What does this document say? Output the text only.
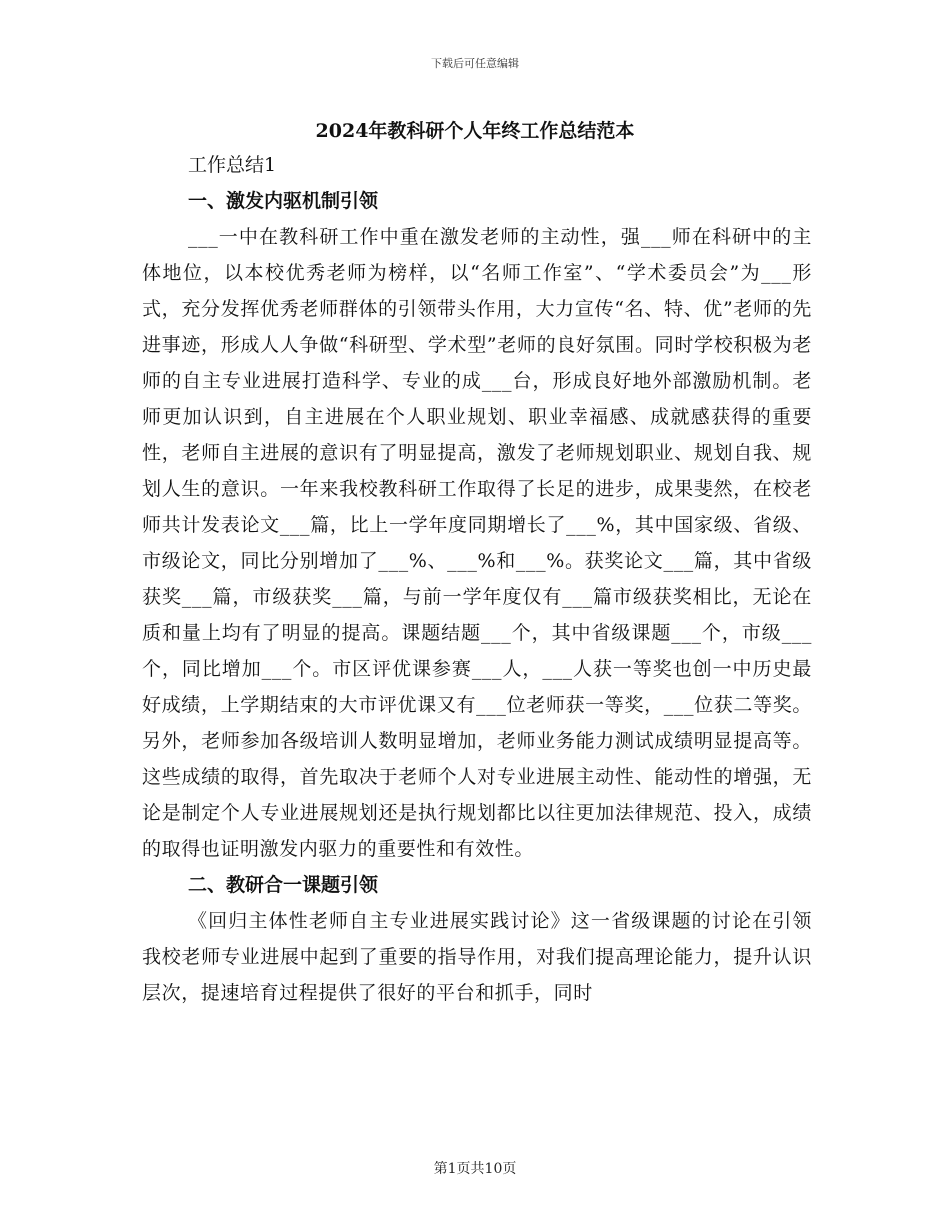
下载后可任意编辑
2024年教科研个人年终工作总结范本

工作总结1

一、激发内驱机制引领

___一中在教科研工作中重在激发老师的主动性，强___师在科研中的主体地位，以本校优秀老师为榜样，以“名师工作室”、“学术委员会”为___形式，充分发挥优秀老师群体的引领带头作用，大力宣传“名、特、优”老师的先进事迹，形成人人争做“科研型、学术型”老师的良好氛围。同时学校积极为老师的自主专业进展打造科学、专业的成___台，形成良好地外部激励机制。老师更加认识到，自主进展在个人职业规划、职业幸福感、成就感获得的重要性，老师自主进展的意识有了明显提高，激发了老师规划职业、规划自我、规划人生的意识。一年来我校教科研工作取得了长足的进步，成果斐然，在校老师共计发表论文___篇，比上一学年度同期增长了___%，其中国家级、省级、市级论文，同比分别增加了___%、___%和___%。获奖论文___篇，其中省级获奖___篇，市级获奖___篇，与前一学年度仅有___篇市级获奖相比，无论在质和量上均有了明显的提高。课题结题___个，其中省级课题___个，市级___个，同比增加___个。市区评优课参赛___人，___人获一等奖也创一中历史最好成绩，上学期结束的大市评优课又有___位老师获一等奖，___位获二等奖。另外，老师参加各级培训人数明显增加，老师业务能力测试成绩明显提高等。这些成绩的取得，首先取决于老师个人对专业进展主动性、能动性的增强，无论是制定个人专业进展规划还是执行规划都比以往更加法律规范、投入，成绩的取得也证明激发内驱力的重要性和有效性。

二、教研合一课题引领

《回归主体性老师自主专业进展实践讨论》这一省级课题的讨论在引领我校老师专业进展中起到了重要的指导作用，对我们提高理论能力，提升认识层次，提速培育过程提供了很好的平台和抓手，同时

第1页共10页
